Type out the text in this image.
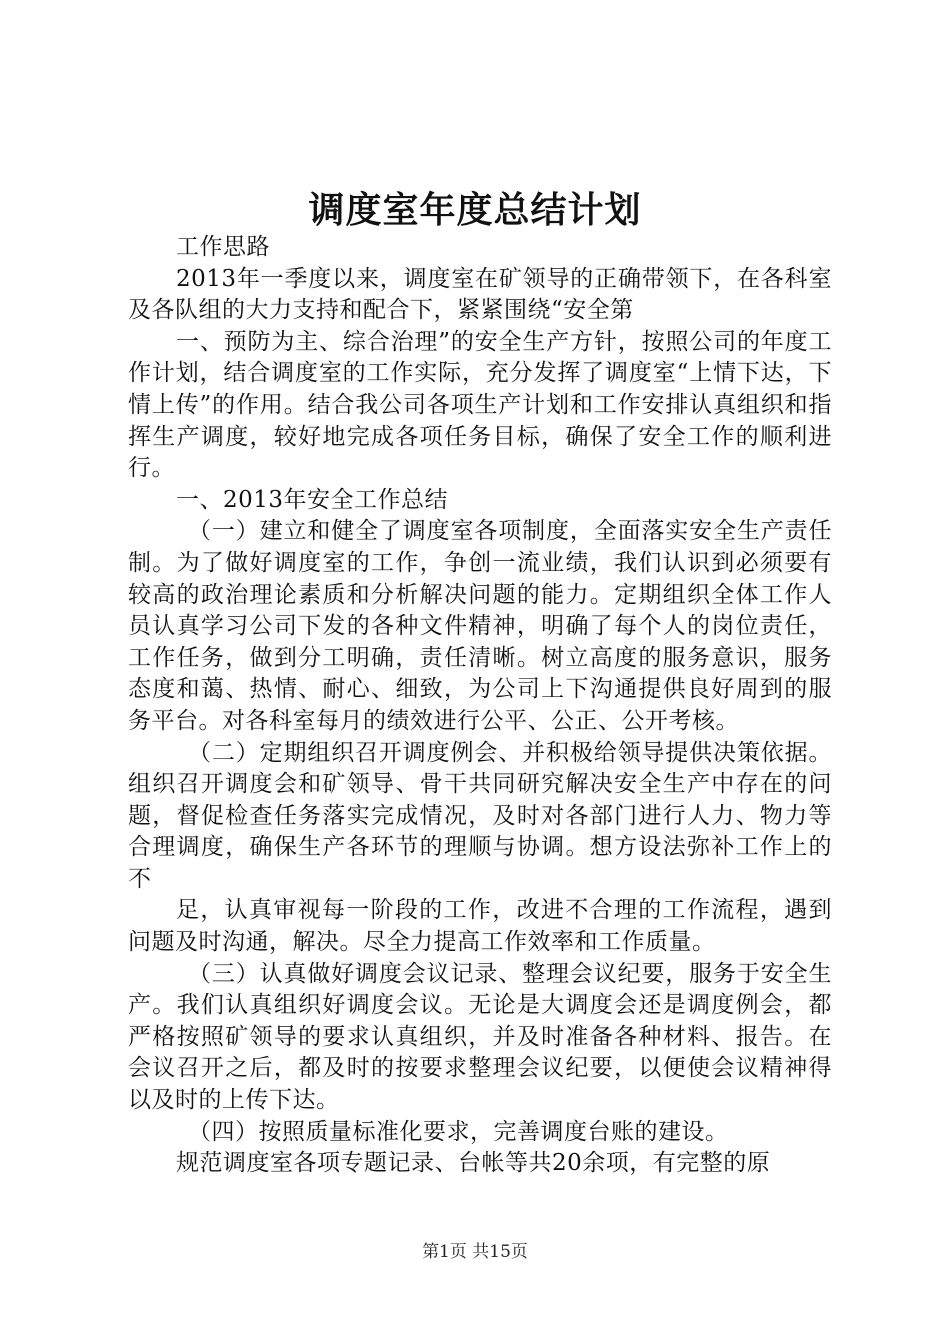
调度室年度总结计划

工作思路

2013年一季度以来，调度室在矿领导的正确带领下，在各科室及各队组的大力支持和配合下，紧紧围绕“安全第

一、预防为主、综合治理”的安全生产方针，按照公司的年度工作计划，结合调度室的工作实际，充分发挥了调度室“上情下达，下情上传”的作用。结合我公司各项生产计划和工作安排认真组织和指挥生产调度，较好地完成各项任务目标，确保了安全工作的顺利进行。

一、2013年安全工作总结

（一）建立和健全了调度室各项制度，全面落实安全生产责任制。为了做好调度室的工作，争创一流业绩，我们认识到必须要有较高的政治理论素质和分析解决问题的能力。定期组织全体工作人员认真学习公司下发的各种文件精神，明确了每个人的岗位责任，工作任务，做到分工明确，责任清晰。树立高度的服务意识，服务态度和蔼、热情、耐心、细致，为公司上下沟通提供良好周到的服务平台。对各科室每月的绩效进行公平、公正、公开考核。

（二）定期组织召开调度例会、并积极给领导提供决策依据。组织召开调度会和矿领导、骨干共同研究解决安全生产中存在的问题，督促检查任务落实完成情况，及时对各部门进行人力、物力等合理调度，确保生产各环节的理顺与协调。想方设法弥补工作上的不

足，认真审视每一阶段的工作，改进不合理的工作流程，遇到问题及时沟通，解决。尽全力提高工作效率和工作质量。

（三）认真做好调度会议记录、整理会议纪要，服务于安全生产。我们认真组织好调度会议。无论是大调度会还是调度例会，都严格按照矿领导的要求认真组织，并及时准备各种材料、报告。在会议召开之后，都及时的按要求整理会议纪要，以便使会议精神得以及时的上传下达。

（四）按照质量标准化要求，完善调度台账的建设。

规范调度室各项专题记录、台帐等共20余项，有完整的原

第1页 共15页
